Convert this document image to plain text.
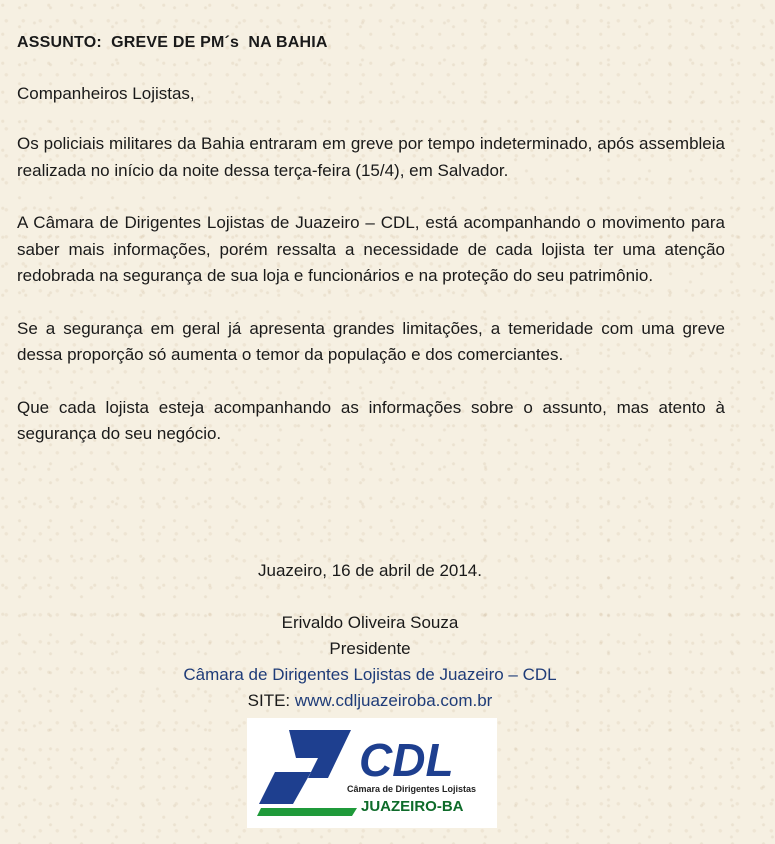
ASSUNTO:  GREVE DE PM´s  NA BAHIA
Companheiros Lojistas,

Os policiais militares da Bahia entraram em greve por tempo indeterminado, após assembleia realizada no início da noite dessa terça-feira (15/4), em Salvador.

A Câmara de Dirigentes Lojistas de Juazeiro – CDL, está acompanhando o movimento para saber mais informações, porém ressalta a necessidade de cada lojista ter uma atenção redobrada na segurança de sua loja e funcionários e na proteção do seu patrimônio.

Se a segurança em geral já apresenta grandes limitações, a temeridade com uma greve dessa proporção só aumenta o temor da população e dos comerciantes.

Que cada lojista esteja acompanhando as informações sobre o assunto, mas atento à segurança do seu negócio.

Juazeiro, 16 de abril de 2014.
Erivaldo Oliveira Souza
Presidente
Câmara de Dirigentes Lojistas de Juazeiro – CDL
SITE: www.cdljuazeiroba.com.br
CDL
Câmara de Dirigentes Lojistas
JUAZEIRO-BA
